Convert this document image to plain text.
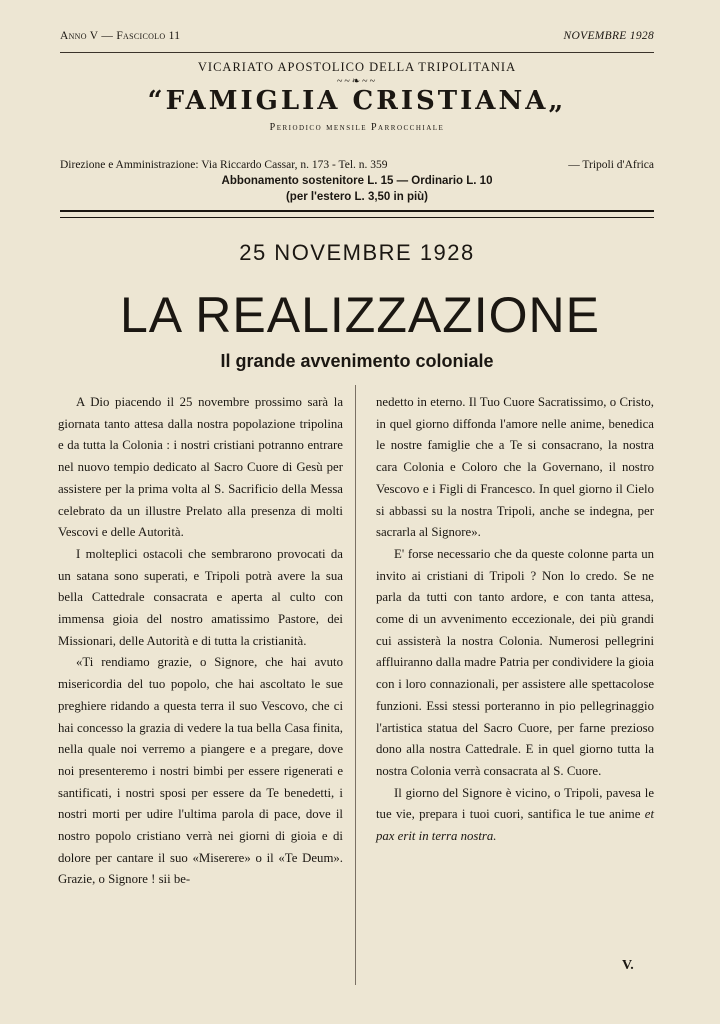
Anno V — Fascicolo 11	NOVEMBRE 1928
VICARIATO APOSTOLICO DELLA TRIPOLITANIA
~~❧~~
“FAMIGLIA CRISTIANA„
Periodico mensile Parrocchiale
Direzione e Amministrazione: Via Riccardo Cassar, n. 173 - Tel. n. 359	— Tripoli d'Africa
Abbonamento sostenitore L. 15 — Ordinario L. 10
(per l'estero L. 3,50 in più)
25 NOVEMBRE 1928
LA REALIZZAZIONE
Il grande avvenimento coloniale

A Dio piacendo il 25 novembre prossimo sarà la giornata tanto attesa dalla nostra popolazione tripolina e da tutta la Colonia : i nostri cristiani potranno entrare nel nuovo tempio dedicato al Sacro Cuore di Gesù per assistere per la prima volta al S. Sacrificio della Messa celebrato da un illustre Prelato alla presenza di molti Vescovi e delle Autorità.

I molteplici ostacoli che sembrarono provocati da un satana sono superati, e Tripoli potrà avere la sua bella Cattedrale consacrata e aperta al culto con immensa gioia del nostro amatissimo Pastore, dei Missionari, delle Autorità e di tutta la cristianità.

«Ti rendiamo grazie, o Signore, che hai avuto misericordia del tuo popolo, che hai ascoltato le sue preghiere ridando a questa terra il suo Vescovo, che ci hai concesso la grazia di vedere la tua bella Casa finita, nella quale noi verremo a piangere e a pregare, dove noi presenteremo i nostri bimbi per essere rigenerati e santificati, i nostri sposi per essere da Te benedetti, i nostri morti per udire l'ultima parola di pace, dove il nostro popolo cristiano verrà nei giorni di gioia e di dolore per cantare il suo «Miserere» o il «Te Deum». Grazie, o Signore ! sii be-

nedetto in eterno. Il Tuo Cuore Sacratissimo, o Cristo, in quel giorno diffonda l'amore nelle anime, benedica le nostre famiglie che a Te si consacrano, la nostra cara Colonia e Coloro che la Governano, il nostro Vescovo e i Figli di Francesco. In quel giorno il Cielo si abbassi su la nostra Tripoli, anche se indegna, per sacrarla al Signore».

E' forse necessario che da queste colonne parta un invito ai cristiani di Tripoli ? Non lo credo. Se ne parla da tutti con tanto ardore, e con tanta attesa, come di un avvenimento eccezionale, dei più grandi cui assisterà la nostra Colonia. Numerosi pellegrini affluiranno dalla madre Patria per condividere la gioia con i loro connazionali, per assistere alle spettacolose funzioni. Essi stessi porteranno in pio pellegrinaggio l'artistica statua del Sacro Cuore, per farne prezioso dono alla nostra Cattedrale. E in quel giorno tutta la nostra Colonia verrà consacrata al S. Cuore.

Il giorno del Signore è vicino, o Tripoli, pavesa le tue vie, prepara i tuoi cuori, santifica le tue anime et pax erit in terra nostra.

V.
